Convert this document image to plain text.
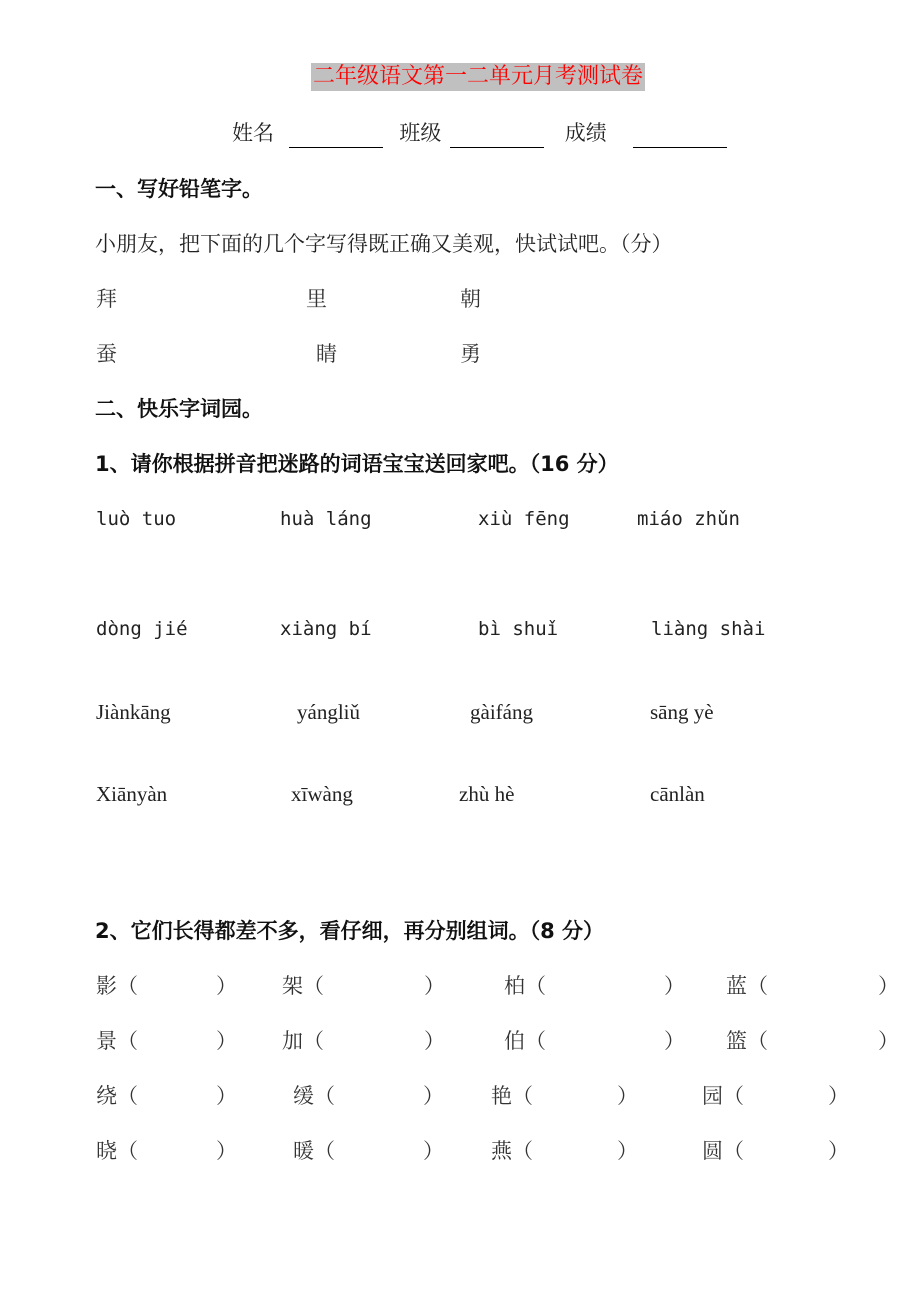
二年级语文第一二单元月考测试卷
姓名	班级	成绩
一、写好铅笔字。
小朋友，把下面的几个字写得既正确又美观，快试试吧。（分）
拜	里	朝
蚕	睛	勇
二、快乐字词园。
1、请你根据拼音把迷路的词语宝宝送回家吧。（16 分）
luò tuo	huà láng	xiù fēng	miáo zhǔn
dòng jié	xiàng bí	bì shuǐ	liàng shài
Jiànkāng	yángliǔ	gàifáng	sāng yè
Xiānyàn	xīwàng	zhù hè	cānlàn
2、它们长得都差不多，看仔细，再分别组词。（8 分）
影（	） 架（	）	柏（	） 蓝（	）
景（	） 加（	）	伯（	） 篮（	）
绕（	）	缓（	） 艳（	）	园（	）
晓（	）	暖（	） 燕（	）	圆（	）
